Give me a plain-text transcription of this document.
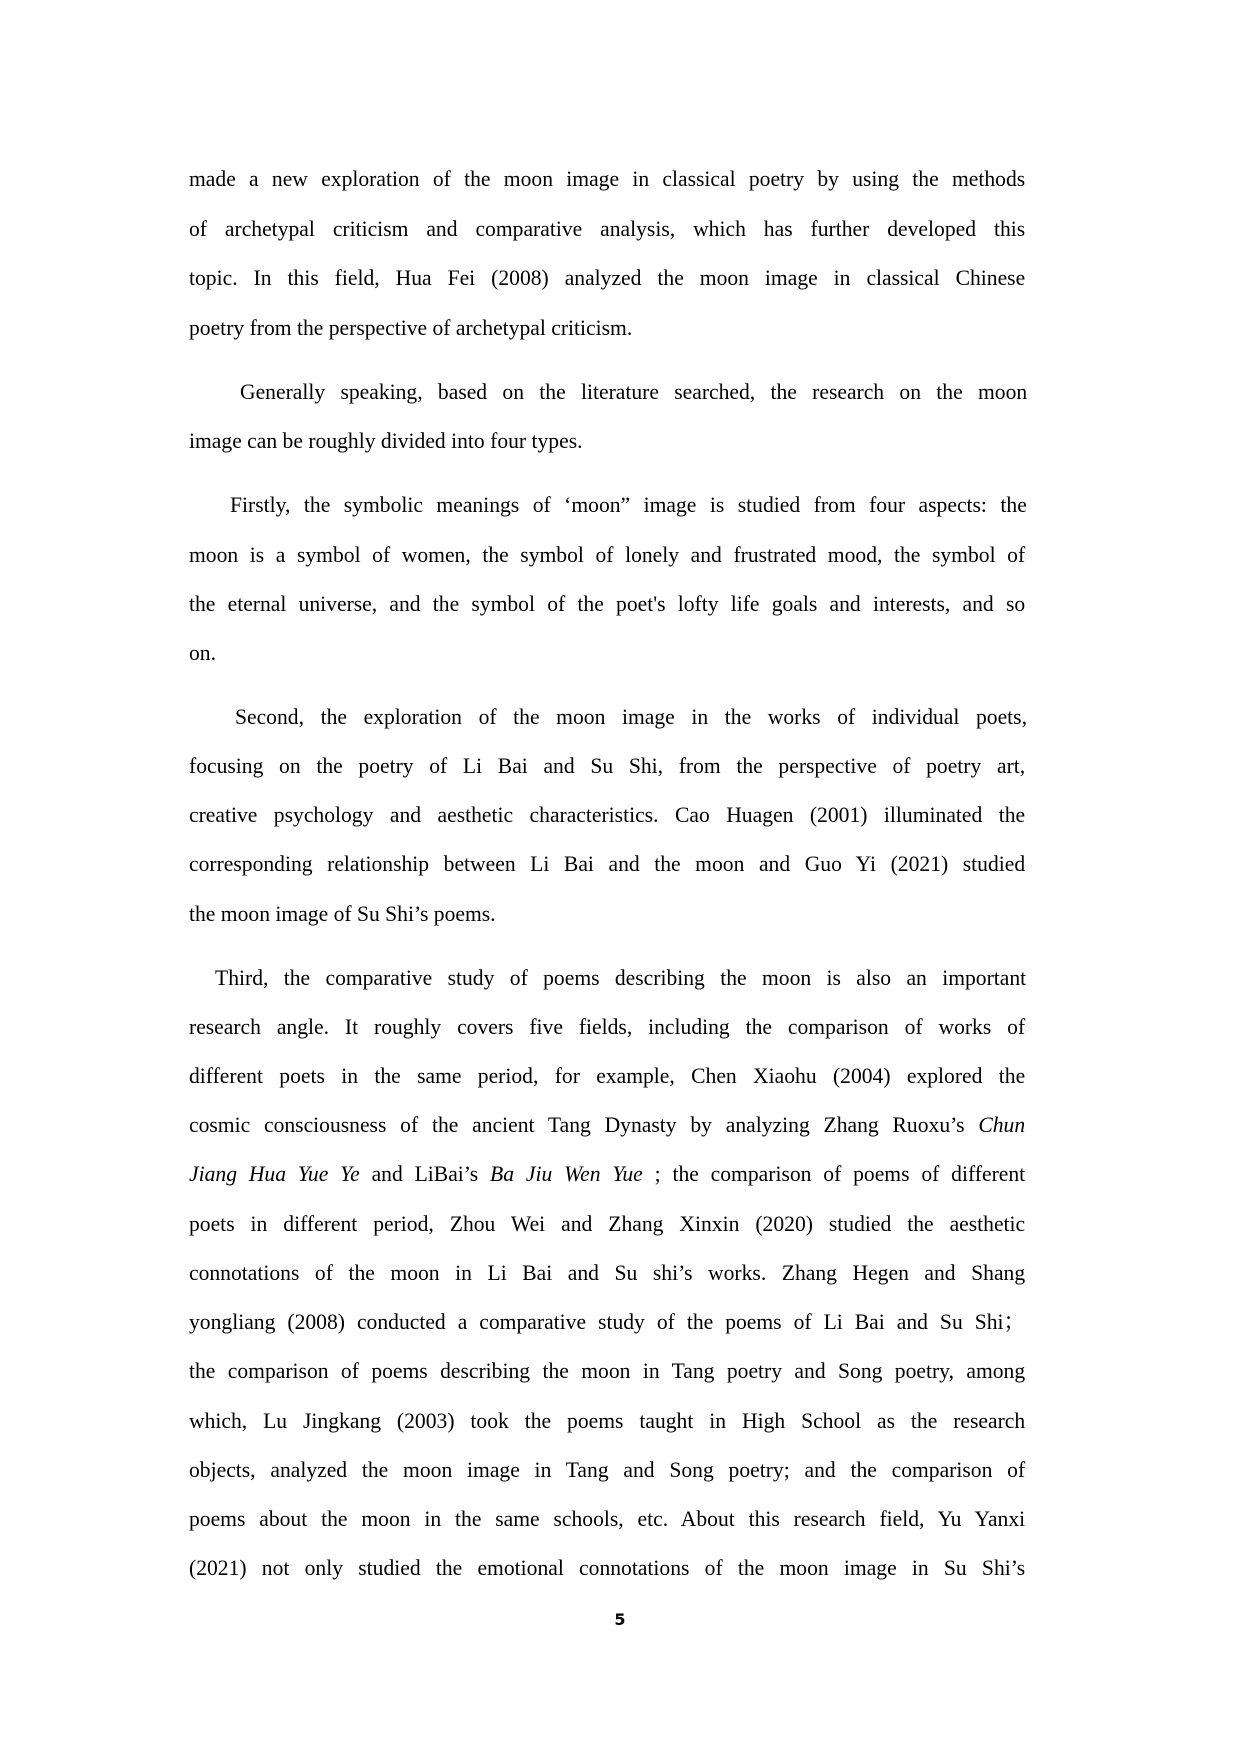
made a new exploration of the moon image in classical poetry by using the methods
of archetypal criticism and comparative analysis, which has further developed this
topic. In this field, Hua Fei (2008) analyzed the moon image in classical Chinese
poetry from the perspective of archetypal criticism.
Generally speaking, based on the literature searched, the research on the moon
image can be roughly divided into four types.
Firstly, the symbolic meanings of ‘moon” image is studied from four aspects: the
moon is a symbol of women, the symbol of lonely and frustrated mood, the symbol of
the eternal universe, and the symbol of the poet's lofty life goals and interests, and so
on.
Second, the exploration of the moon image in the works of individual poets,
focusing on the poetry of Li Bai and Su Shi, from the perspective of poetry art,
creative psychology and aesthetic characteristics. Cao Huagen (2001) illuminated the
corresponding relationship between Li Bai and the moon and Guo Yi (2021) studied
the moon image of Su Shi’s poems.
Third, the comparative study of poems describing the moon is also an important
research angle. It roughly covers five fields, including the comparison of works of
different poets in the same period, for example, Chen Xiaohu (2004) explored the
cosmic consciousness of the ancient Tang Dynasty by analyzing Zhang Ruoxu’s Chun
Jiang Hua Yue Ye and LiBai’s Ba Jiu Wen Yue ; the comparison of poems of different
poets in different period, Zhou Wei and Zhang Xinxin (2020) studied the aesthetic
connotations of the moon in Li Bai and Su shi’s works. Zhang Hegen and Shang
yongliang (2008) conducted a comparative study of the poems of Li Bai and Su Shi；
the comparison of poems describing the moon in Tang poetry and Song poetry, among
which, Lu Jingkang (2003) took the poems taught in High School as the research
objects, analyzed the moon image in Tang and Song poetry; and the comparison of
poems about the moon in the same schools, etc. About this research field, Yu Yanxi
(2021) not only studied the emotional connotations of the moon image in Su Shi’s
5
